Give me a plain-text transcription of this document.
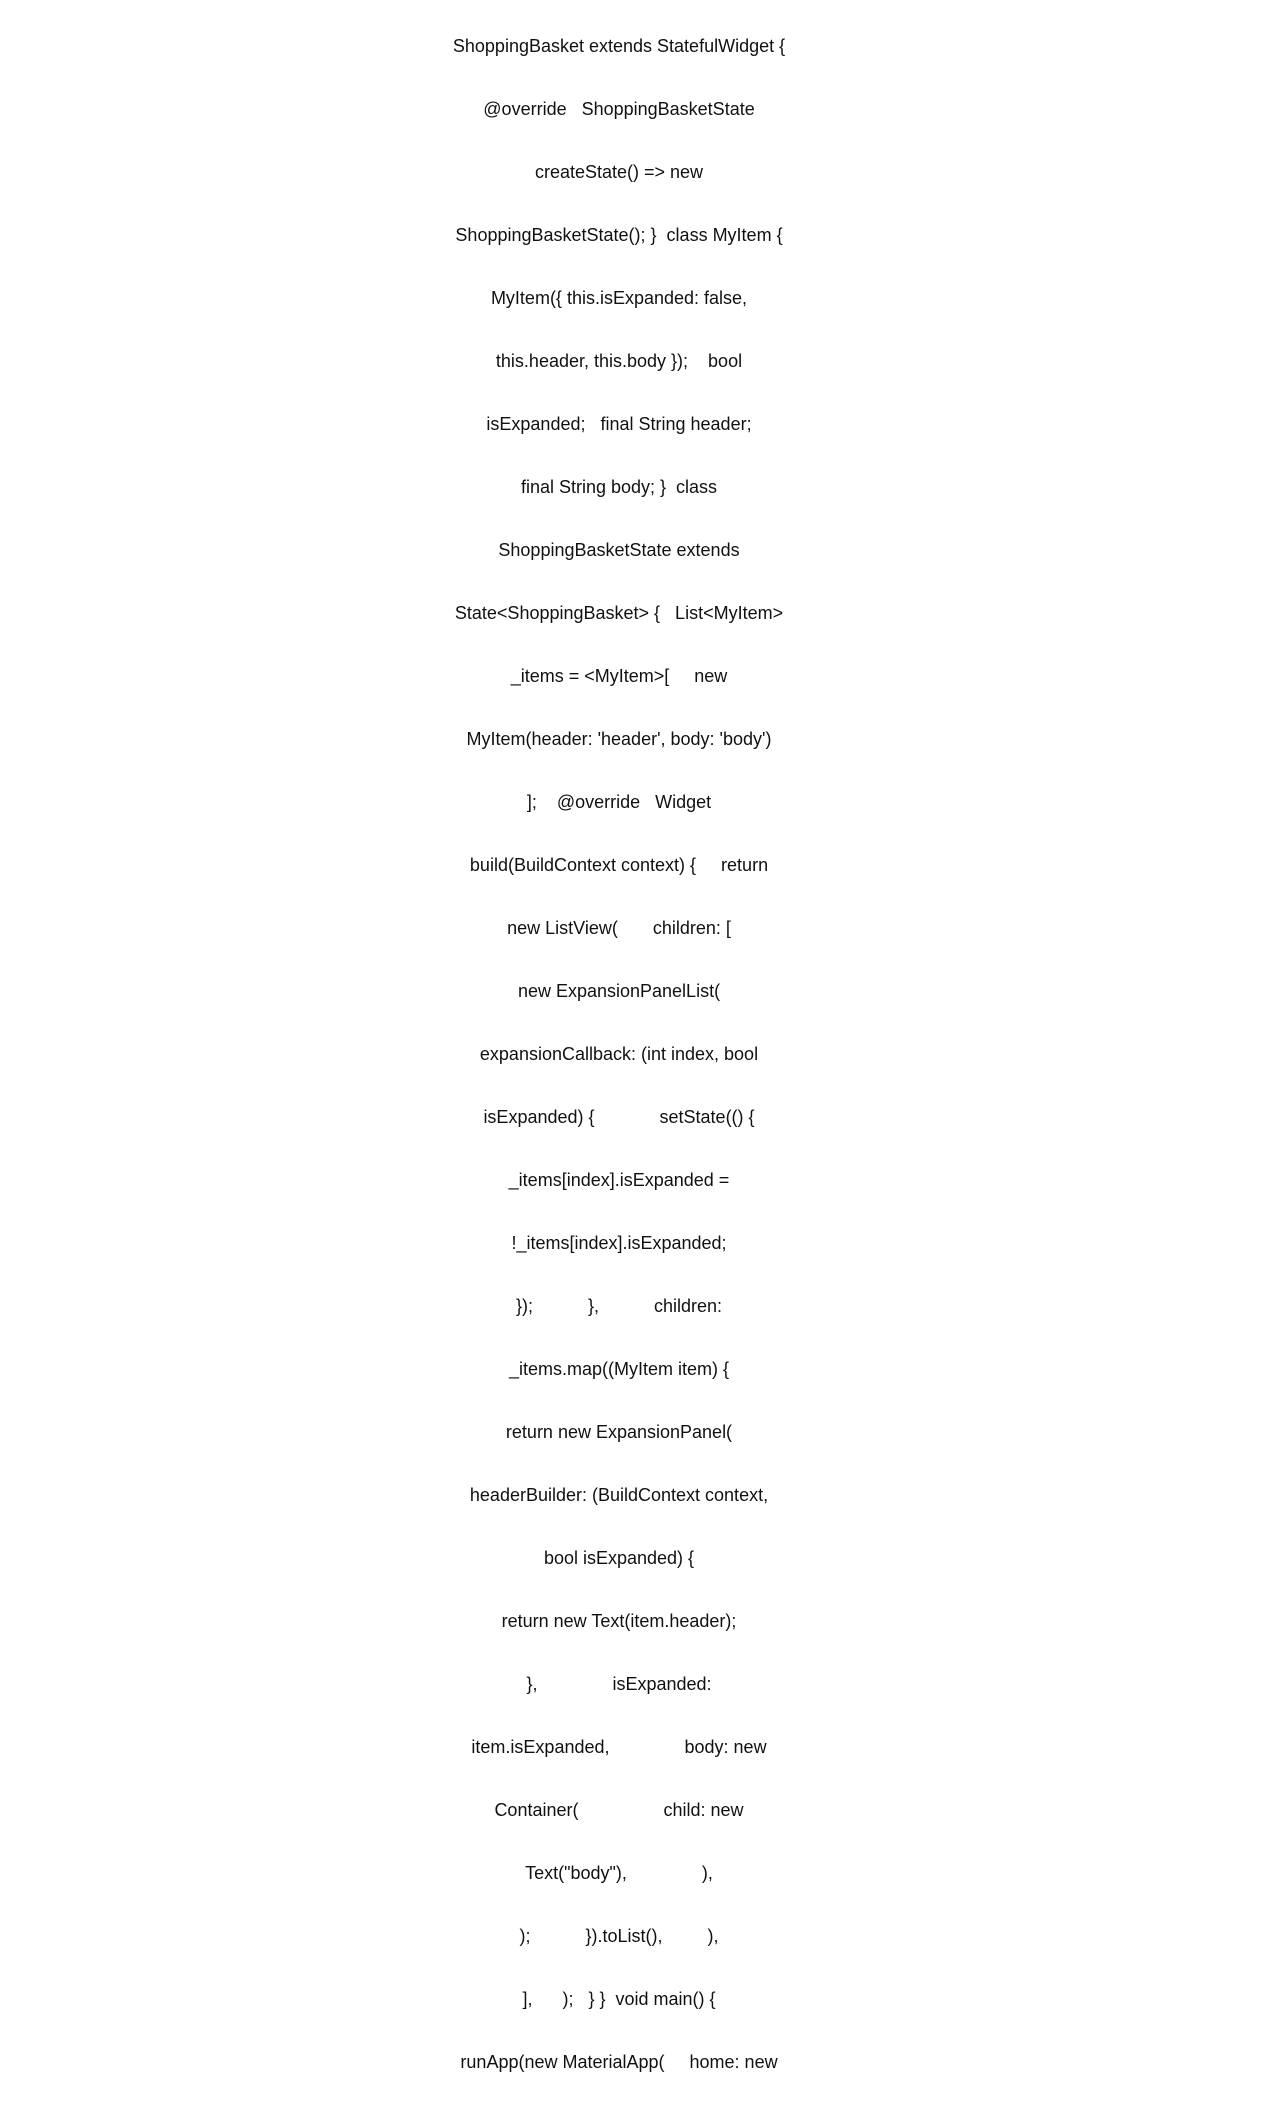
ShoppingBasket extends StatefulWidget {

@override   ShoppingBasketState

createState() => new

ShoppingBasketState(); }  class MyItem {

MyItem({ this.isExpanded: false,

this.header, this.body });    bool

isExpanded;   final String header;

final String body; }  class

ShoppingBasketState extends

State<ShoppingBasket> {   List<MyItem>

_items = <MyItem>[     new

MyItem(header: 'header', body: 'body')

];    @override   Widget

build(BuildContext context) {     return

new ListView(       children: [

new ExpansionPanelList(

expansionCallback: (int index, bool

isExpanded) {             setState(() {

_items[index].isExpanded =

!_items[index].isExpanded;

});           },           children:

_items.map((MyItem item) {

return new ExpansionPanel(

headerBuilder: (BuildContext context,

bool isExpanded) {

return new Text(item.header);

},               isExpanded:

item.isExpanded,               body: new

Container(                 child: new

Text("body"),               ),

);           }).toList(),         ),

],      );   } }  void main() {

runApp(new MaterialApp(     home: new
